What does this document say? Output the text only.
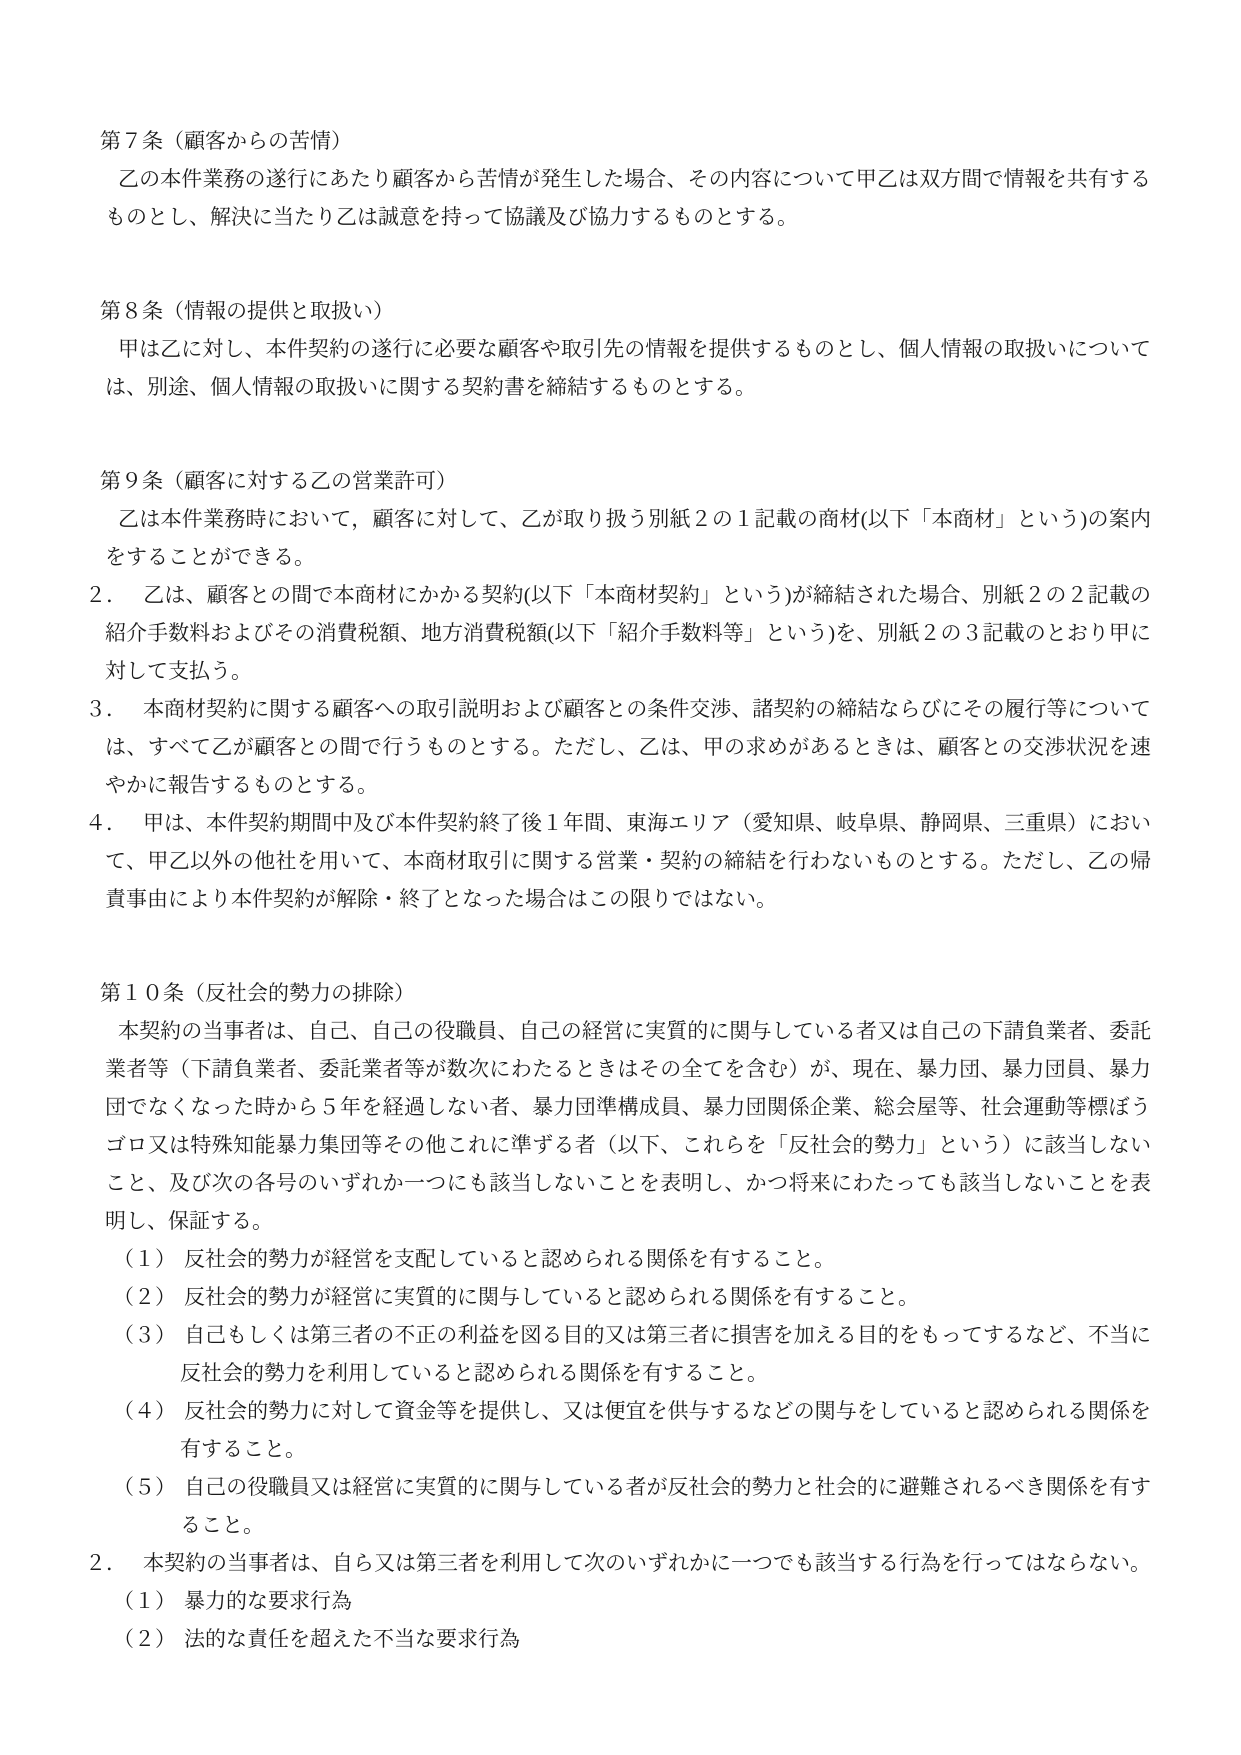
第７条（顧客からの苦情）

乙の本件業務の遂行にあたり顧客から苦情が発生した場合、その内容について甲乙は双方間で情報を共有するものとし、解決に当たり乙は誠意を持って協議及び協力するものとする。

第８条（情報の提供と取扱い）

甲は乙に対し、本件契約の遂行に必要な顧客や取引先の情報を提供するものとし、個人情報の取扱いについては、別途、個人情報の取扱いに関する契約書を締結するものとする。

第９条（顧客に対する乙の営業許可）

乙は本件業務時において，顧客に対して、乙が取り扱う別紙２の１記載の商材(以下「本商材」という)の案内をすることができる。

２． 乙は、顧客との間で本商材にかかる契約(以下「本商材契約」という)が締結された場合、別紙２の２記載の紹介手数料およびその消費税額、地方消費税額(以下「紹介手数料等」という)を、別紙２の３記載のとおり甲に対して支払う。

３． 本商材契約に関する顧客への取引説明および顧客との条件交渉、諸契約の締結ならびにその履行等については、すべて乙が顧客との間で行うものとする。ただし、乙は、甲の求めがあるときは、顧客との交渉状況を速やかに報告するものとする。

４． 甲は、本件契約期間中及び本件契約終了後１年間、東海エリア（愛知県、岐阜県、静岡県、三重県）において、甲乙以外の他社を用いて、本商材取引に関する営業・契約の締結を行わないものとする。ただし、乙の帰責事由により本件契約が解除・終了となった場合はこの限りではない。

第１０条（反社会的勢力の排除）

本契約の当事者は、自己、自己の役職員、自己の経営に実質的に関与している者又は自己の下請負業者、委託業者等（下請負業者、委託業者等が数次にわたるときはその全てを含む）が、現在、暴力団、暴力団員、暴力団でなくなった時から５年を経過しない者、暴力団準構成員、暴力団関係企業、総会屋等、社会運動等標ぼうゴロ又は特殊知能暴力集団等その他これに準ずる者（以下、これらを「反社会的勢力」という）に該当しないこと、及び次の各号のいずれか一つにも該当しないことを表明し、かつ将来にわたっても該当しないことを表明し、保証する。

（１） 反社会的勢力が経営を支配していると認められる関係を有すること。

（２） 反社会的勢力が経営に実質的に関与していると認められる関係を有すること。

（３） 自己もしくは第三者の不正の利益を図る目的又は第三者に損害を加える目的をもってするなど、不当に反社会的勢力を利用していると認められる関係を有すること。

（４） 反社会的勢力に対して資金等を提供し、又は便宜を供与するなどの関与をしていると認められる関係を有すること。

（５） 自己の役職員又は経営に実質的に関与している者が反社会的勢力と社会的に避難されるべき関係を有すること。

２． 本契約の当事者は、自ら又は第三者を利用して次のいずれかに一つでも該当する行為を行ってはならない。

（１） 暴力的な要求行為

（２） 法的な責任を超えた不当な要求行為
